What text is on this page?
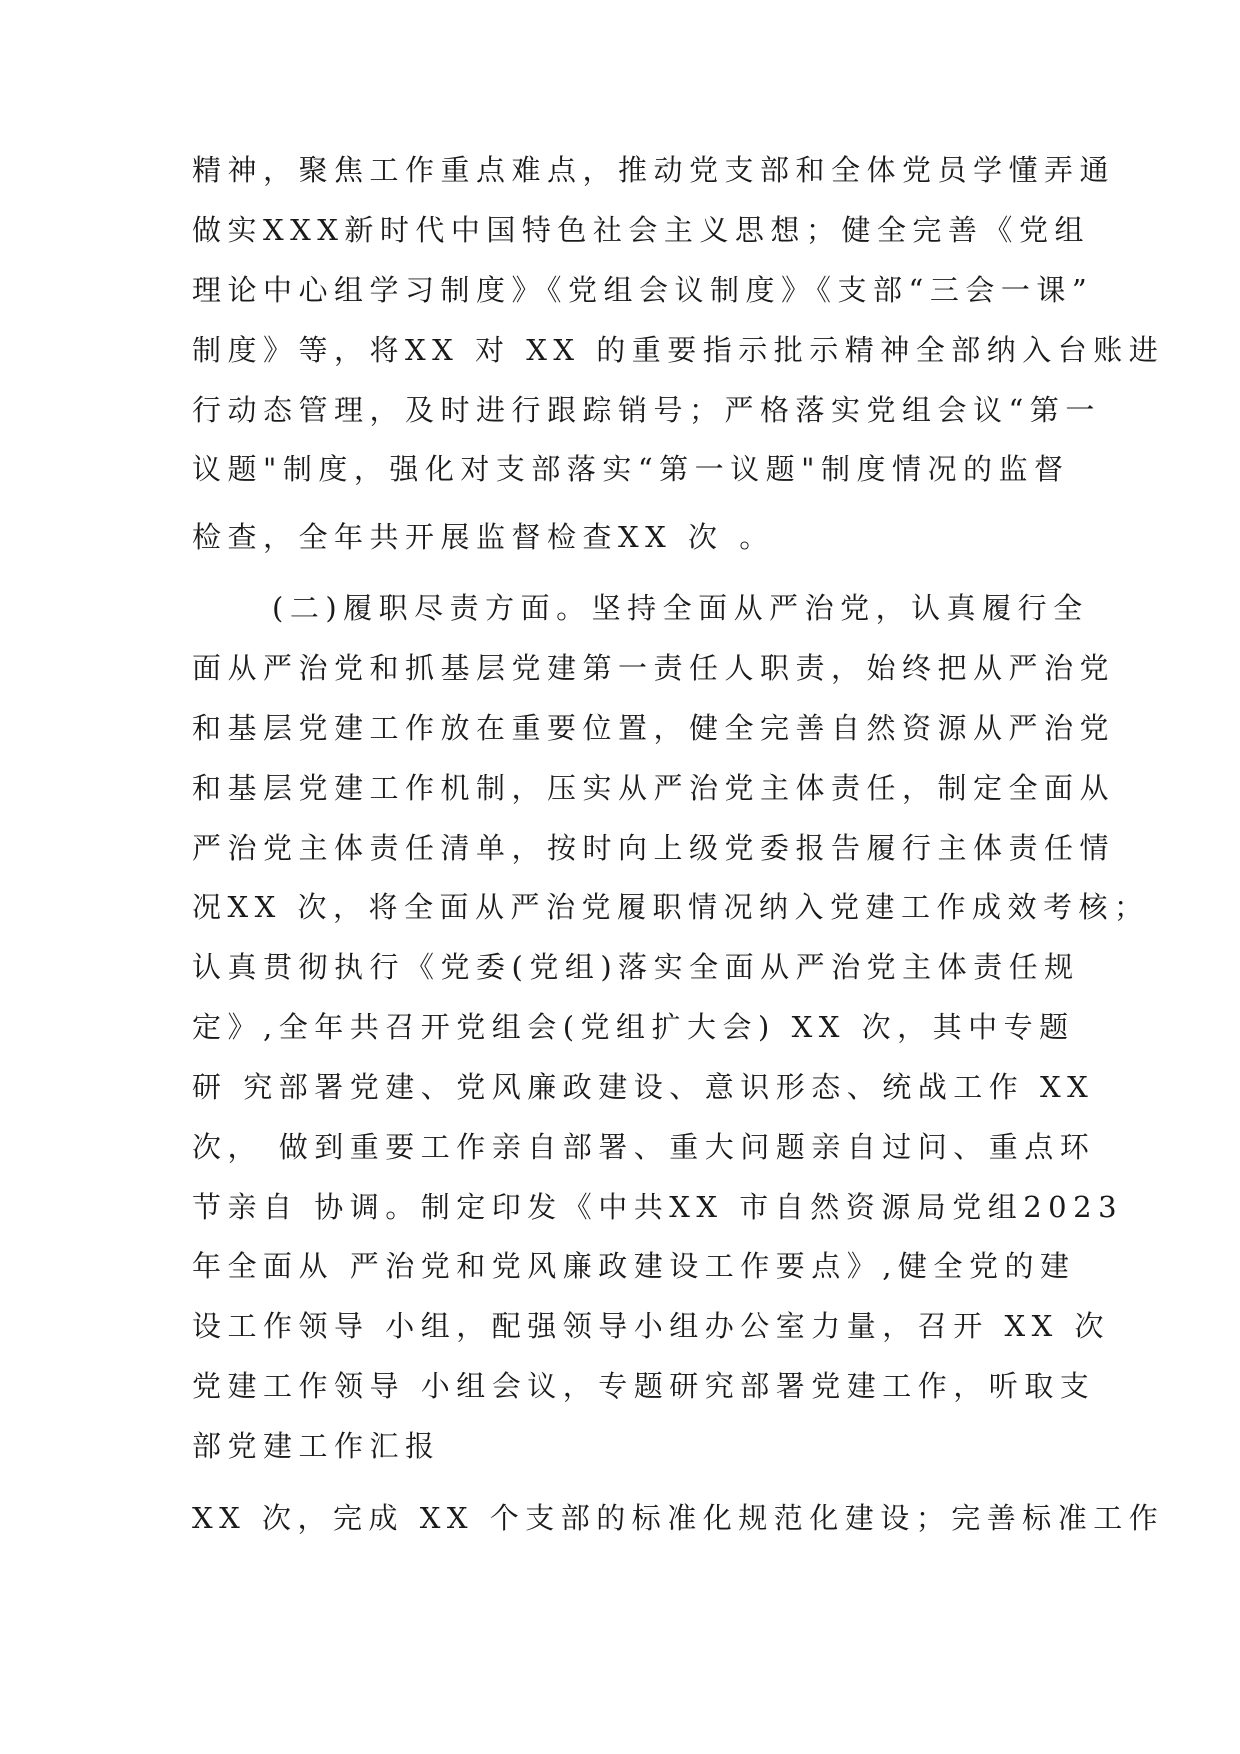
精神，聚焦工作重点难点，推动党支部和全体党员学懂弄通

做实XXX新时代中国特色社会主义思想；健全完善《党组

理论中心组学习制度》《党组会议制度》《支部“三会一课”

制度》等，将XX 对 XX 的重要指示批示精神全部纳入台账进

行动态管理，及时进行跟踪销号；严格落实党组会议“第一

议题"制度，强化对支部落实“第一议题"制度情况的监督

检查，全年共开展监督检查XX 次 。

(二)履职尽责方面。坚持全面从严治党，认真履行全

面从严治党和抓基层党建第一责任人职责，始终把从严治党

和基层党建工作放在重要位置，健全完善自然资源从严治党

和基层党建工作机制，压实从严治党主体责任，制定全面从

严治党主体责任清单，按时向上级党委报告履行主体责任情

况XX 次，将全面从严治党履职情况纳入党建工作成效考核；

认真贯彻执行《党委(党组)落实全面从严治党主体责任规

定》,全年共召开党组会(党组扩大会) XX 次，其中专题

研 究部署党建、党风廉政建设、意识形态、统战工作 XX

次， 做到重要工作亲自部署、重大问题亲自过问、重点环

节亲自 协调。制定印发《中共XX 市自然资源局党组2023

年全面从 严治党和党风廉政建设工作要点》,健全党的建

设工作领导 小组，配强领导小组办公室力量，召开 XX 次

党建工作领导 小组会议，专题研究部署党建工作，听取支

部党建工作汇报

XX 次，完成 XX 个支部的标准化规范化建设；完善标准工作
